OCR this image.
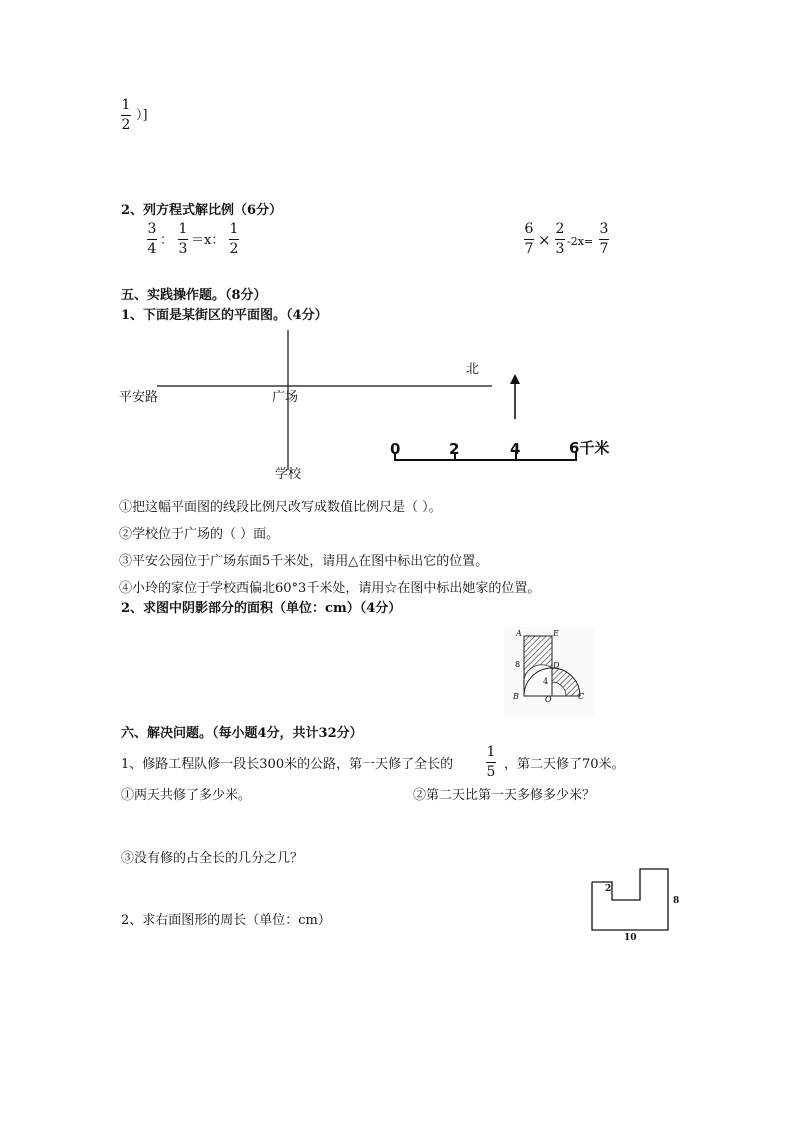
1
2
）]
2、列方程式解比例（6分）
3
4
：
1
3
＝x：
1
2
6
7 ×
2
3 -2x=
3
7
五、实践操作题。（8分）
1、下面是某街区的平面图。（4分）
北
平安路	广场
学校
0	2	4	6千米
①把这幅平面图的线段比例尺改写成数值比例尺是（ ）。
②学校位于广场的（ ）面。
③平安公园位于广场东面5千米处，请用△在图中标出它的位置。
④小玲的家位于学校西偏北60°3千米处，请用☆在图中标出她家的位置。
2、求图中阴影部分的面积（单位：cm）（4分）
A	E
D
B	O	C
8
4
六、解决问题。（每小题4分，共计32分）
1、修路工程队修一段长300米的公路，第一天修了全长的
1
5 ，第二天修了70米。
①两天共修了多少米。	②第二天比第一天多修多少米？
③没有修的占全长的几分之几？
2、求右面图形的周长（单位：cm）
2
8
10
